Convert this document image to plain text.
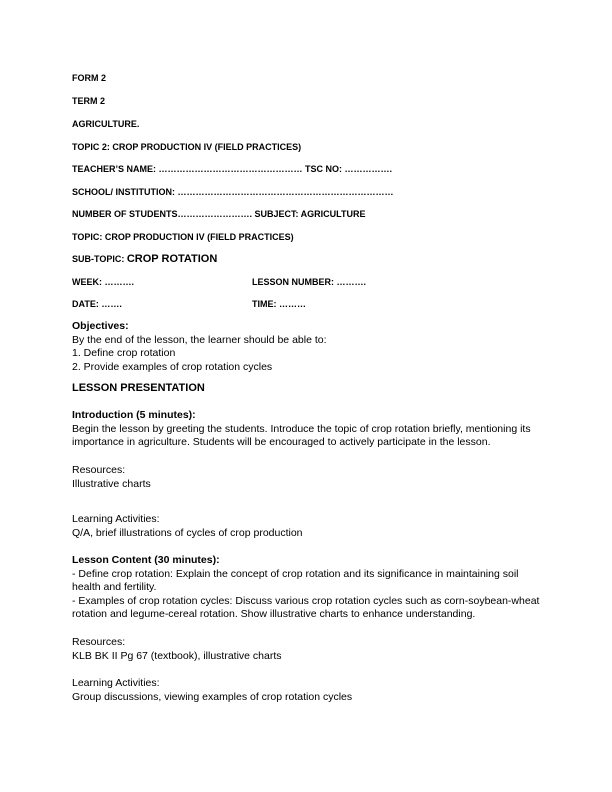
FORM 2
TERM 2
AGRICULTURE.
TOPIC 2: CROP PRODUCTION IV (FIELD PRACTICES)
TEACHER’S NAME: ………………………………………… TSC NO: …………….
SCHOOL/ INSTITUTION: ………………………………………………………………
NUMBER OF STUDENTS……………………. SUBJECT: AGRICULTURE
TOPIC: CROP PRODUCTION IV (FIELD PRACTICES)
SUB-TOPIC: CROP ROTATION
WEEK: ……….	LESSON NUMBER: ……….
DATE: …….	TIME: ………
Objectives:
By the end of the lesson, the learner should be able to:
1. Define crop rotation
2. Provide examples of crop rotation cycles
LESSON PRESENTATION
Introduction (5 minutes):
Begin the lesson by greeting the students. Introduce the topic of crop rotation briefly, mentioning its importance in agriculture. Students will be encouraged to actively participate in the lesson.
Resources:
Illustrative charts
Learning Activities:
Q/A, brief illustrations of cycles of crop production
Lesson Content (30 minutes):
- Define crop rotation: Explain the concept of crop rotation and its significance in maintaining soil health and fertility.
- Examples of crop rotation cycles: Discuss various crop rotation cycles such as corn-soybean-wheat rotation and legume-cereal rotation. Show illustrative charts to enhance understanding.
Resources:
KLB BK II Pg 67 (textbook), illustrative charts
Learning Activities:
Group discussions, viewing examples of crop rotation cycles
